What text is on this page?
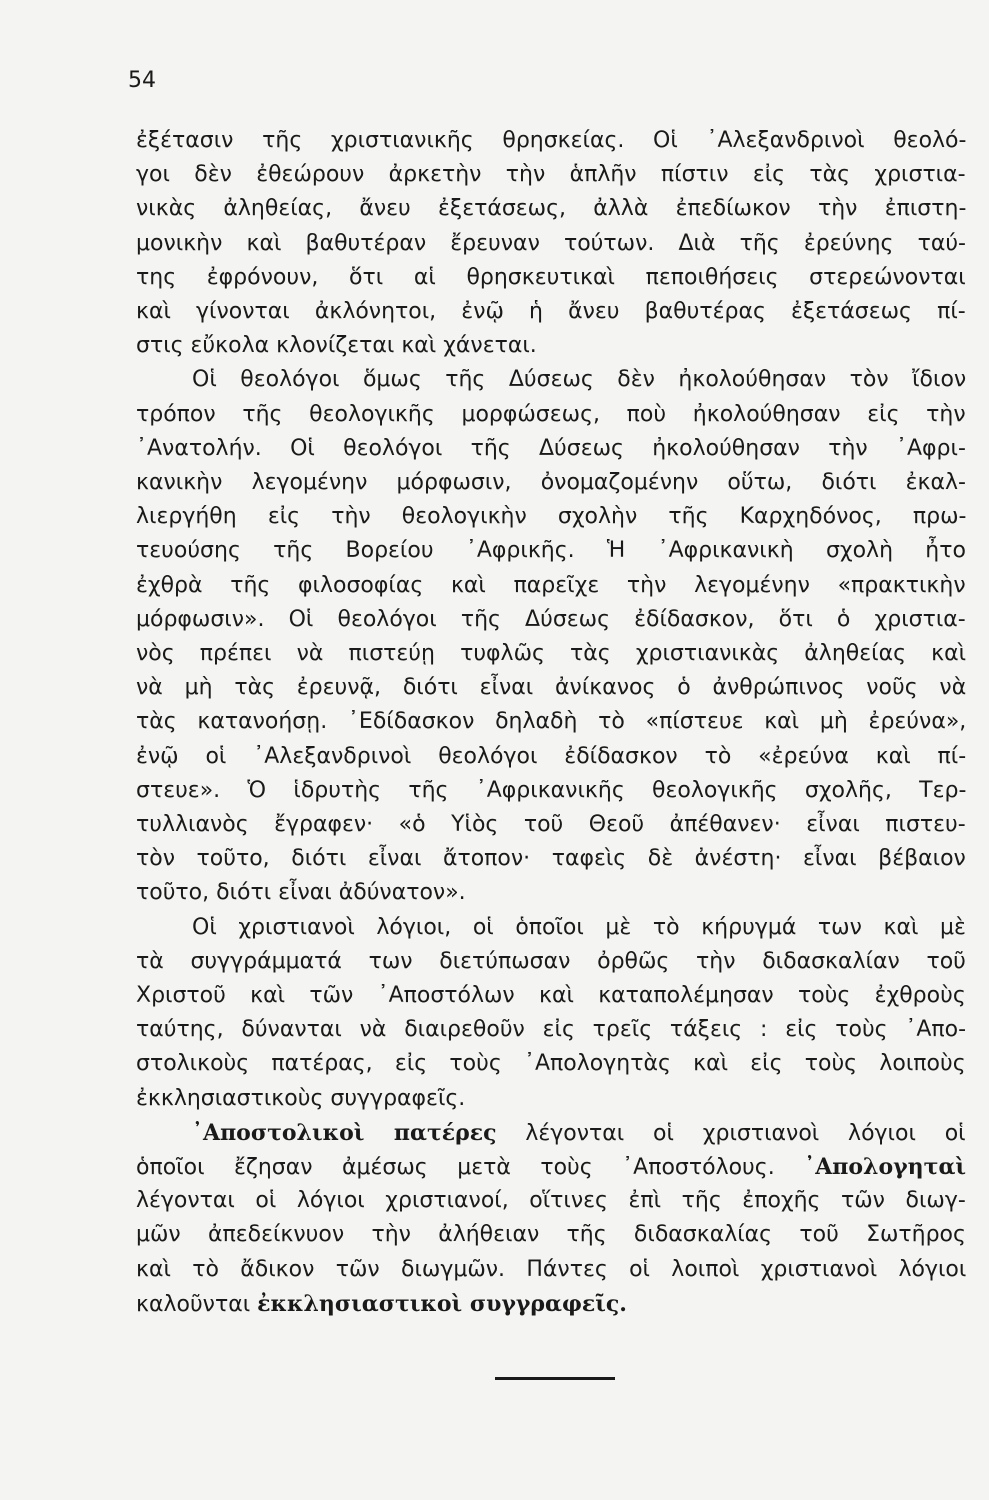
54
ἐξέτασιν τῆς χριστιανικῆς θρησκείας. Οἱ ᾿Αλεξανδρινοὶ θεολό-
γοι δὲν ἐθεώρουν ἀρκετὴν τὴν ἁπλῆν πίστιν εἰς τὰς χριστια-
νικὰς ἀληθείας, ἄνευ ἐξετάσεως, ἀλλὰ ἐπεδίωκον τὴν ἐπιστη-
μονικὴν καὶ βαθυτέραν ἔρευναν τούτων. Διὰ τῆς ἐρεύνης ταύ-
της ἐφρόνουν, ὅτι αἱ θρησκευτικαὶ πεποιθήσεις στερεώνονται
καὶ γίνονται ἀκλόνητοι, ἐνῷ ἡ ἄνευ βαθυτέρας ἐξετάσεως πί-
στις εὔκολα κλονίζεται καὶ χάνεται.
Οἱ θεολόγοι ὅμως τῆς Δύσεως δὲν ἠκολούθησαν τὸν ἴδιον
τρόπον τῆς θεολογικῆς μορφώσεως, ποὺ ἠκολούθησαν εἰς τὴν
᾿Ανατολήν. Οἱ θεολόγοι τῆς Δύσεως ἠκολούθησαν τὴν ᾿Αφρι-
κανικὴν λεγομένην μόρφωσιν, ὀνομαζομένην οὕτω, διότι ἐκαλ-
λιεργήθη εἰς τὴν θεολογικὴν σχολὴν τῆς Καρχηδόνος, πρω-
τευούσης τῆς Βορείου ᾿Αφρικῆς. Ἡ ᾿Αφρικανικὴ σχολὴ ἦτο
ἐχθρὰ τῆς φιλοσοφίας καὶ παρεῖχε τὴν λεγομένην «πρακτικὴν
μόρφωσιν». Οἱ θεολόγοι τῆς Δύσεως ἐδίδασκον, ὅτι ὁ χριστια-
νὸς πρέπει νὰ πιστεύῃ τυφλῶς τὰς χριστιανικὰς ἀληθείας καὶ
νὰ μὴ τὰς ἐρευνᾷ, διότι εἶναι ἀνίκανος ὁ ἀνθρώπινος νοῦς νὰ
τὰς κατανοήσῃ. ᾿Εδίδασκον δηλαδὴ τὸ «πίστευε καὶ μὴ ἐρεύνα»,
ἐνῷ οἱ ᾿Αλεξανδρινοὶ θεολόγοι ἐδίδασκον τὸ «ἐρεύνα καὶ πί-
στευε». Ὁ ἱδρυτὴς τῆς ᾿Αφρικανικῆς θεολογικῆς σχολῆς, Τερ-
τυλλιανὸς ἔγραφεν· «ὁ Υἱὸς τοῦ Θεοῦ ἀπέθανεν· εἶναι πιστευ-
τὸν τοῦτο, διότι εἶναι ἄτοπον· ταφεὶς δὲ ἀνέστη· εἶναι βέβαιον
τοῦτο, διότι εἶναι ἀδύνατον».
Οἱ χριστιανοὶ λόγιοι, οἱ ὁποῖοι μὲ τὸ κήρυγμά των καὶ μὲ
τὰ συγγράμματά των διετύπωσαν ὀρθῶς τὴν διδασκαλίαν τοῦ
Χριστοῦ καὶ τῶν ᾿Αποστόλων καὶ καταπολέμησαν τοὺς ἐχθροὺς
ταύτης, δύνανται νὰ διαιρεθοῦν εἰς τρεῖς τάξεις : εἰς τοὺς ᾿Απο-
στολικοὺς πατέρας, εἰς τοὺς ᾿Απολογητὰς καὶ εἰς τοὺς λοιποὺς
ἐκκλησιαστικοὺς συγγραφεῖς.
᾿Αποστολικοὶ πατέρες λέγονται οἱ χριστιανοὶ λόγιοι οἱ
ὁποῖοι ἔζησαν ἀμέσως μετὰ τοὺς ᾿Αποστόλους. ᾿Απολογηταὶ
λέγονται οἱ λόγιοι χριστιανοί, οἵτινες ἐπὶ τῆς ἐποχῆς τῶν διωγ-
μῶν ἀπεδείκνυον τὴν ἀλήθειαν τῆς διδασκαλίας τοῦ Σωτῆρος
καὶ τὸ ἄδικον τῶν διωγμῶν. Πάντες οἱ λοιποὶ χριστιανοὶ λόγιοι
καλοῦνται ἐκκλησιαστικοὶ συγγραφεῖς.
